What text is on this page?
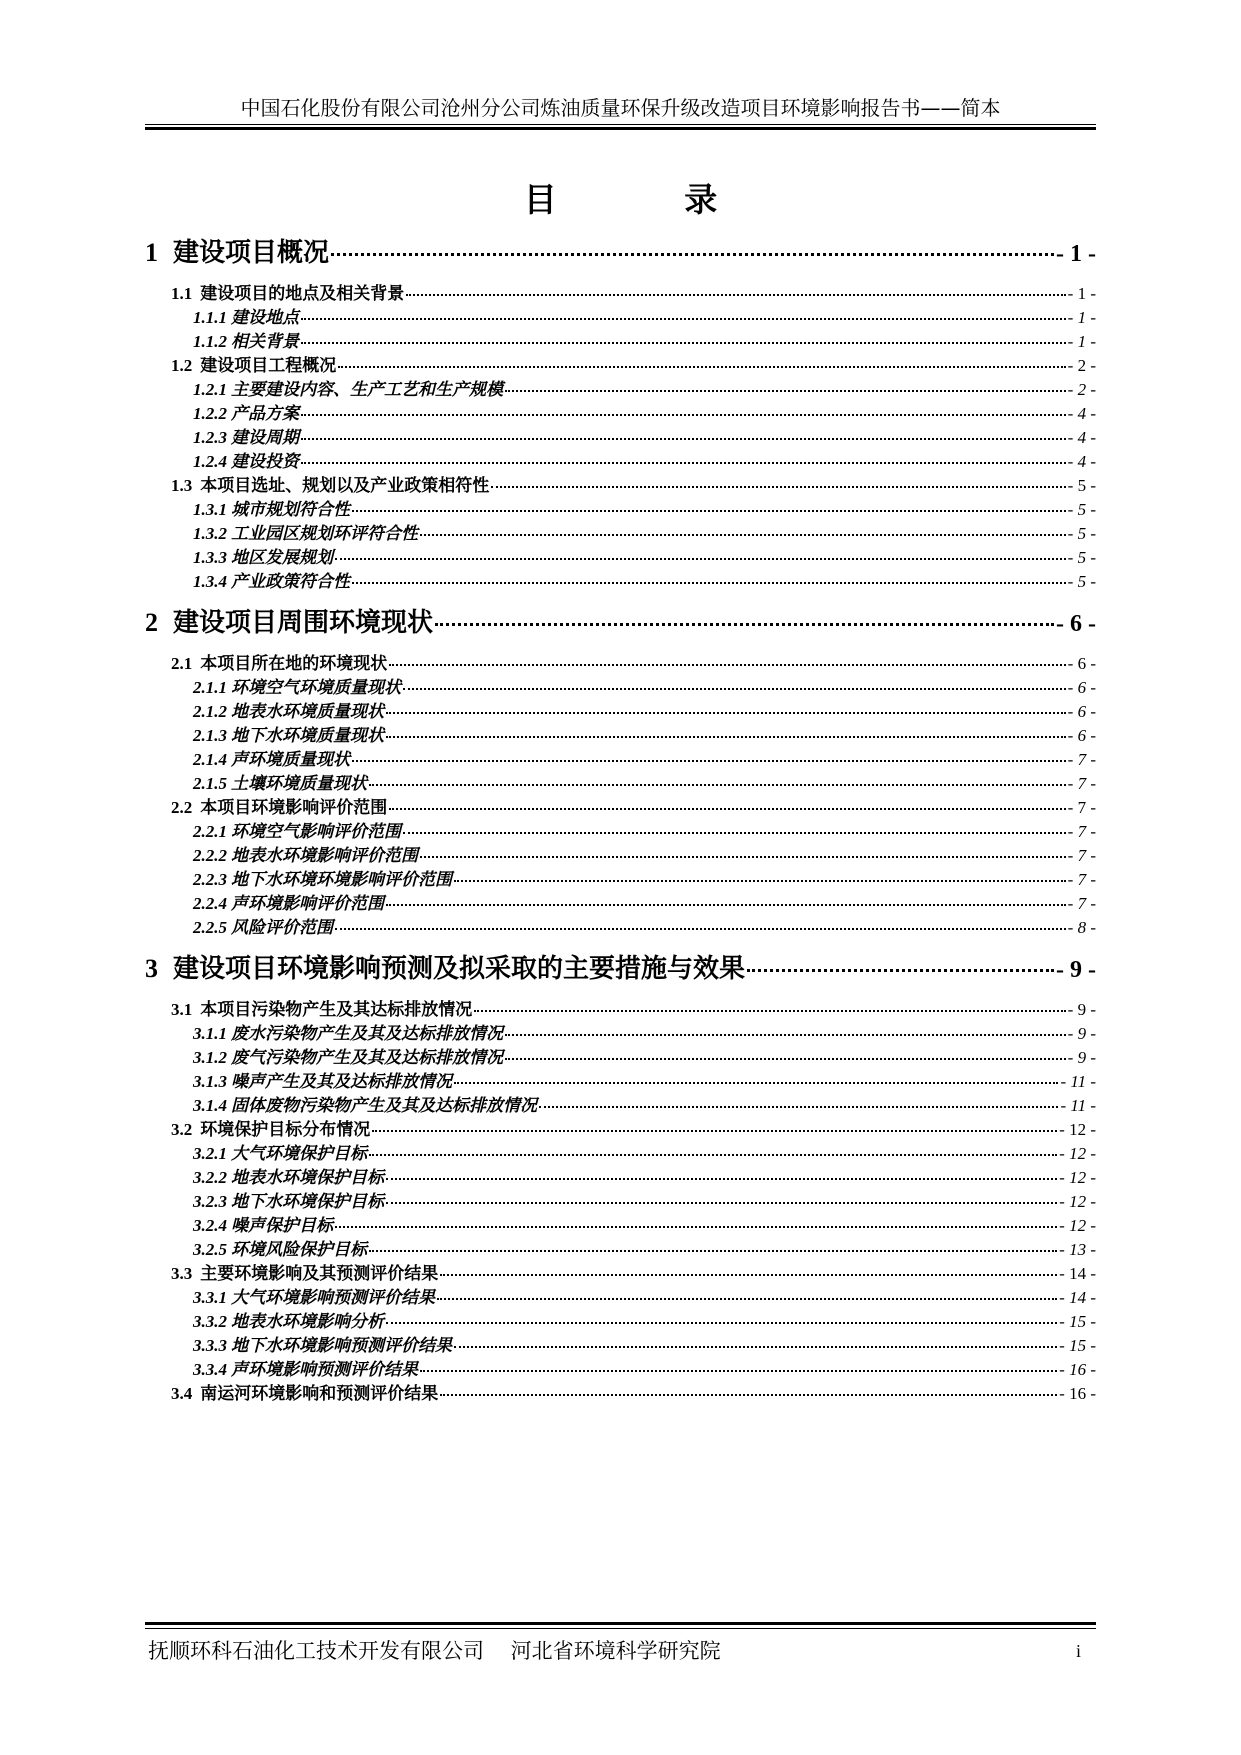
中国石化股份有限公司沧州分公司炼油质量环保升级改造项目环境影响报告书——简本
目 录
1 建设项目概况	- 1 -
1.1 建设项目的地点及相关背景	- 1 -
1.1.1 建设地点	- 1 -
1.1.2 相关背景	- 1 -
1.2 建设项目工程概况	- 2 -
1.2.1 主要建设内容、生产工艺和生产规模	- 2 -
1.2.2 产品方案	- 4 -
1.2.3 建设周期	- 4 -
1.2.4 建设投资	- 4 -
1.3 本项目选址、规划以及产业政策相符性	- 5 -
1.3.1 城市规划符合性	- 5 -
1.3.2 工业园区规划环评符合性	- 5 -
1.3.3 地区发展规划	- 5 -
1.3.4 产业政策符合性	- 5 -
2 建设项目周围环境现状	- 6 -
2.1 本项目所在地的环境现状	- 6 -
2.1.1 环境空气环境质量现状	- 6 -
2.1.2 地表水环境质量现状	- 6 -
2.1.3 地下水环境质量现状	- 6 -
2.1.4 声环境质量现状	- 7 -
2.1.5 土壤环境质量现状	- 7 -
2.2 本项目环境影响评价范围	- 7 -
2.2.1 环境空气影响评价范围	- 7 -
2.2.2 地表水环境影响评价范围	- 7 -
2.2.3 地下水环境环境影响评价范围	- 7 -
2.2.4 声环境影响评价范围	- 7 -
2.2.5 风险评价范围	- 8 -
3 建设项目环境影响预测及拟采取的主要措施与效果	- 9 -
3.1 本项目污染物产生及其达标排放情况	- 9 -
3.1.1 废水污染物产生及其及达标排放情况	- 9 -
3.1.2 废气污染物产生及其及达标排放情况	- 9 -
3.1.3 噪声产生及其及达标排放情况	- 11 -
3.1.4 固体废物污染物产生及其及达标排放情况	- 11 -
3.2 环境保护目标分布情况	- 12 -
3.2.1 大气环境保护目标	- 12 -
3.2.2 地表水环境保护目标	- 12 -
3.2.3 地下水环境保护目标	- 12 -
3.2.4 噪声保护目标	- 12 -
3.2.5 环境风险保护目标	- 13 -
3.3 主要环境影响及其预测评价结果	- 14 -
3.3.1 大气环境影响预测评价结果	- 14 -
3.3.2 地表水环境影响分析	- 15 -
3.3.3 地下水环境影响预测评价结果	- 15 -
3.3.4 声环境影响预测评价结果	- 16 -
3.4 南运河环境影响和预测评价结果	- 16 -
抚顺环科石油化工技术开发有限公司 河北省环境科学研究院	i
